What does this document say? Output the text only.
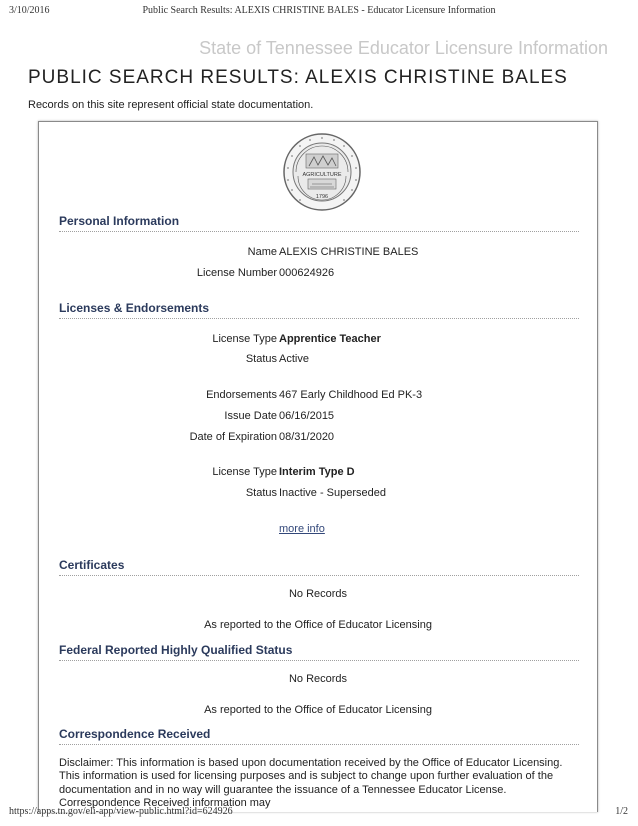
3/10/2016	Public Search Results: ALEXIS CHRISTINE BALES - Educator Licensure Information
State of Tennessee Educator Licensure Information
PUBLIC SEARCH RESULTS: ALEXIS CHRISTINE BALES
Records on this site represent official state documentation.
AGRICULTURE
1796
Personal Information
Name ALEXIS CHRISTINE BALES
License Number 000624926
Licenses & Endorsements
License Type Apprentice Teacher
Status Active
Endorsements 467 Early Childhood Ed PK-3
Issue Date 06/16/2015
Date of Expiration 08/31/2020
License Type Interim Type D
Status Inactive - Superseded
more info
Certificates
No Records
As reported to the Office of Educator Licensing
Federal Reported Highly Qualified Status
No Records
As reported to the Office of Educator Licensing
Correspondence Received
Disclaimer: This information is based upon documentation received by the Office of Educator Licensing. This information is used for licensing purposes and is subject to change upon further evaluation of the documentation and in no way will guarantee the issuance of a Tennessee Educator License. Correspondence Received information may
https://apps.tn.gov/eli-app/view-public.html?id=624926	1/2
